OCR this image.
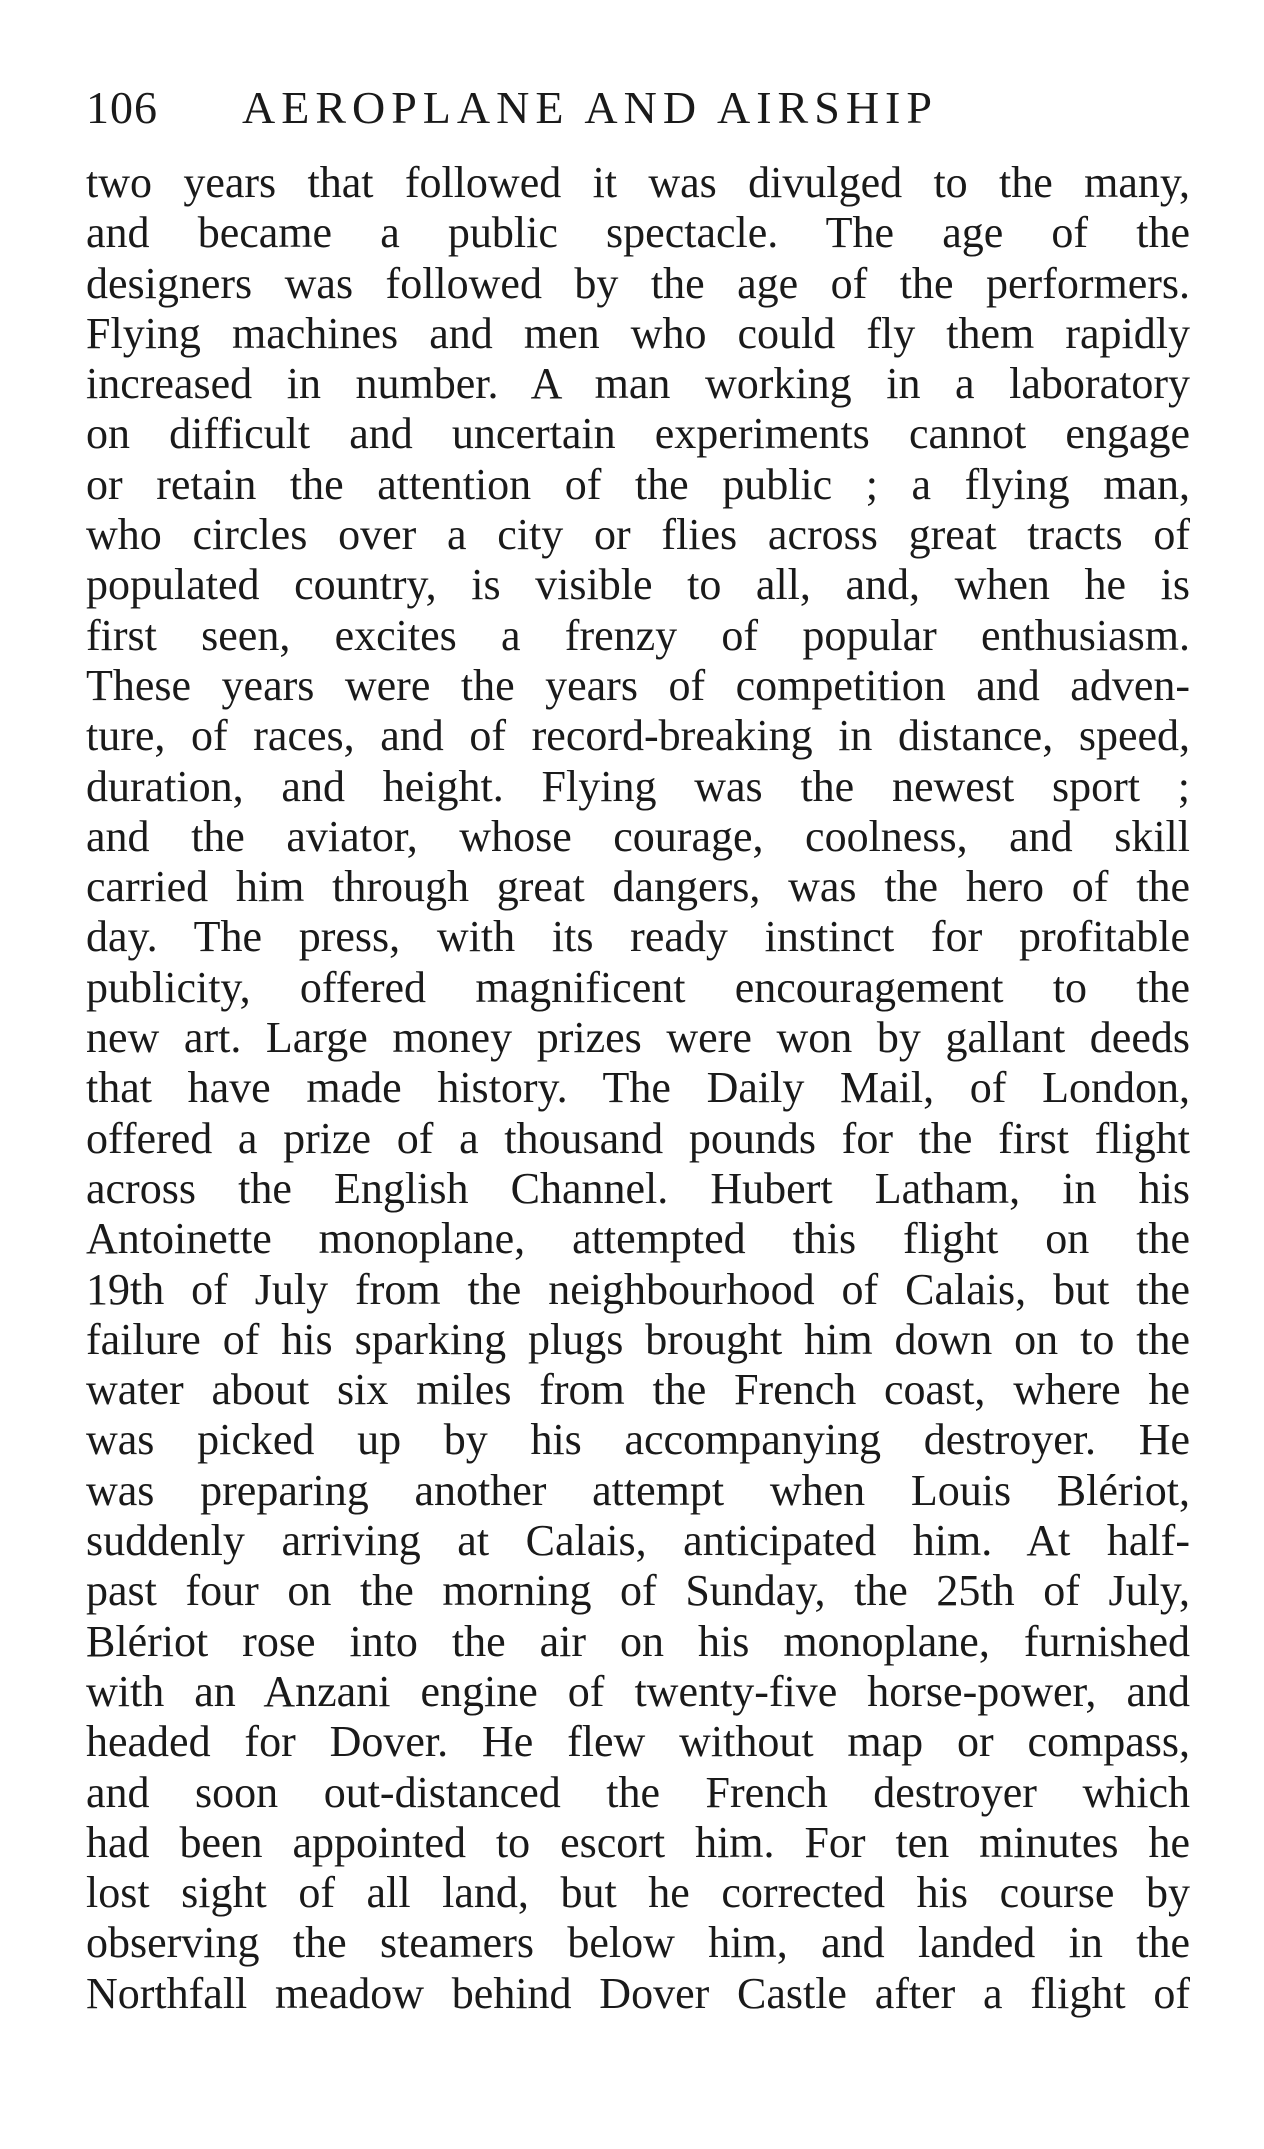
106 AEROPLANE AND AIRSHIP
two years that followed it was divulged to the many,
and became a public spectacle. The age of the
designers was followed by the age of the performers.
Flying machines and men who could fly them rapidly
increased in number. A man working in a laboratory
on difficult and uncertain experiments cannot engage
or retain the attention of the public ; a flying man,
who circles over a city or flies across great tracts of
populated country, is visible to all, and, when he is
first seen, excites a frenzy of popular enthusiasm.
These years were the years of competition and adven-
ture, of races, and of record-breaking in distance, speed,
duration, and height. Flying was the newest sport ;
and the aviator, whose courage, coolness, and skill
carried him through great dangers, was the hero of the
day. The press, with its ready instinct for profitable
publicity, offered magnificent encouragement to the
new art. Large money prizes were won by gallant deeds
that have made history. The Daily Mail, of London,
offered a prize of a thousand pounds for the first flight
across the English Channel. Hubert Latham, in his
Antoinette monoplane, attempted this flight on the
19th of July from the neighbourhood of Calais, but the
failure of his sparking plugs brought him down on to the
water about six miles from the French coast, where he
was picked up by his accompanying destroyer. He
was preparing another attempt when Louis Blériot,
suddenly arriving at Calais, anticipated him. At half-
past four on the morning of Sunday, the 25th of July,
Blériot rose into the air on his monoplane, furnished
with an Anzani engine of twenty-five horse-power, and
headed for Dover. He flew without map or compass,
and soon out-distanced the French destroyer which
had been appointed to escort him. For ten minutes he
lost sight of all land, but he corrected his course by
observing the steamers below him, and landed in the
Northfall meadow behind Dover Castle after a flight of
